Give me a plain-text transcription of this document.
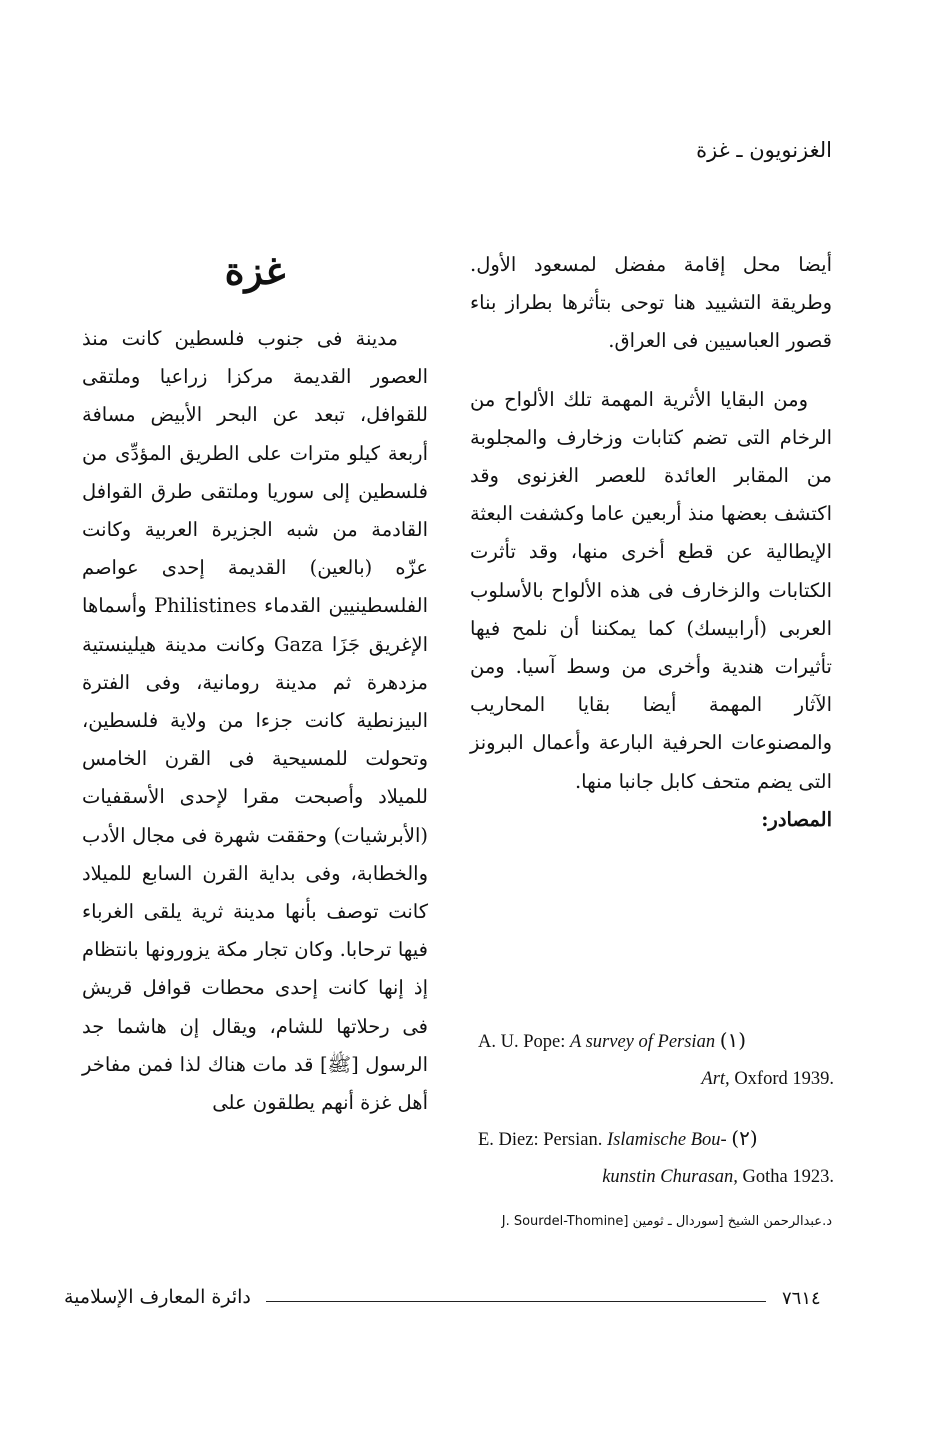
الغزنويون ـ غزة

أيضا محل إقامة مفضل لمسعود الأول. وطريقة التشييد هنا توحى بتأثرها بطراز بناء قصور العباسيين فى العراق.

ومن البقايا الأثرية المهمة تلك الألواح من الرخام التى تضم كتابات وزخارف والمجلوبة من المقابر العائدة للعصر الغزنوى وقد اكتشف بعضها منذ أربعين عاما وكشفت البعثة الإيطالية عن قطع أخرى منها، وقد تأثرت الكتابات والزخارف فى هذه الألواح بالأسلوب العربى (أرابيسك) كما يمكننا أن نلمح فيها تأثيرات هندية وأخرى من وسط آسيا. ومن الآثار المهمة أيضا بقايا المحاريب والمصنوعات الحرفية البارعة وأعمال البرونز التى يضم متحف كابل جانبا منها.

المصادر:

A. U. Pope: A survey of Persian (١)
Art, Oxford 1939.
E. Diez: Persian. Islamische Bou- (٢)
kunstin Churasan, Gotha 1923.
د.عبدالرحمن الشيخ [سوردال ـ ثومين [J. Sourdel-Thomine
غزة

مدينة فى جنوب فلسطين كانت منذ العصور القديمة مركزا زراعيا وملتقى للقوافل، تبعد عن البحر الأبيض مسافة أربعة كيلو مترات على الطريق المؤدِّى من فلسطين إلى سوريا وملتقى طرق القوافل القادمة من شبه الجزيرة العربية وكانت عزّه (بالعين) القديمة إحدى عواصم الفلسطينيين القدماء Philistines وأسماها الإغريق جَزَا Gaza وكانت مدينة هيلينستية مزدهرة ثم مدينة رومانية، وفى الفترة البيزنطية كانت جزءا من ولاية فلسطين، وتحولت للمسيحية فى القرن الخامس للميلاد وأصبحت مقرا لإحدى الأسقفيات (الأبرشيات) وحققت شهرة فى مجال الأدب والخطابة، وفى بداية القرن السابع للميلاد كانت توصف بأنها مدينة ثرية يلقى الغرباء فيها ترحابا. وكان تجار مكة يزورونها بانتظام إذ إنها كانت إحدى محطات قوافل قريش فى رحلاتها للشام، ويقال إن هاشما جد الرسول [ﷺ] قد مات هناك لذا فمن مفاخر أهل غزة أنهم يطلقون على

٧٦١٤
دائرة المعارف الإسلامية
